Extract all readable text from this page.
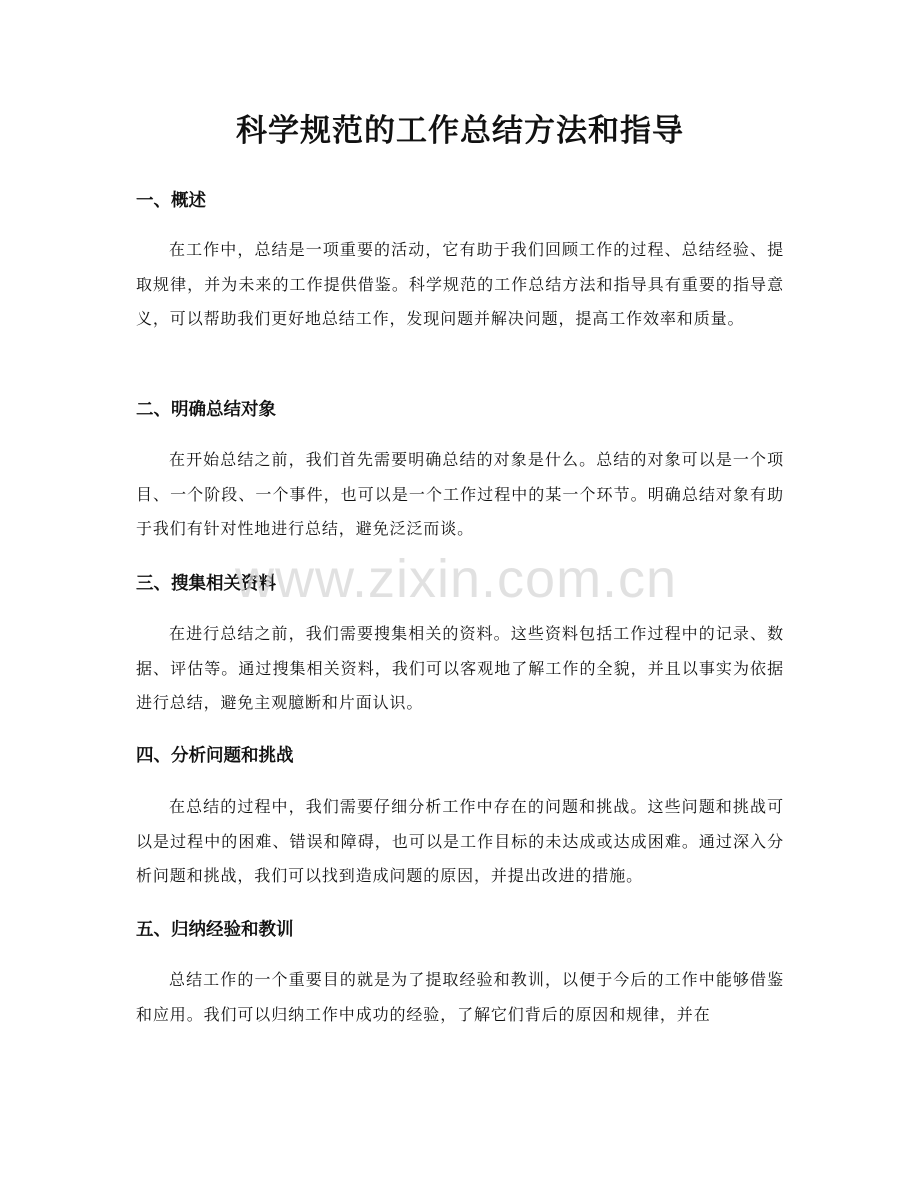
科学规范的工作总结方法和指导
一、概述

在工作中，总结是一项重要的活动，它有助于我们回顾工作的过程、总结经验、提取规律，并为未来的工作提供借鉴。科学规范的工作总结方法和指导具有重要的指导意义，可以帮助我们更好地总结工作，发现问题并解决问题，提高工作效率和质量。

二、明确总结对象

在开始总结之前，我们首先需要明确总结的对象是什么。总结的对象可以是一个项目、一个阶段、一个事件，也可以是一个工作过程中的某一个环节。明确总结对象有助于我们有针对性地进行总结，避免泛泛而谈。

三、搜集相关资料

在进行总结之前，我们需要搜集相关的资料。这些资料包括工作过程中的记录、数据、评估等。通过搜集相关资料，我们可以客观地了解工作的全貌，并且以事实为依据进行总结，避免主观臆断和片面认识。

四、分析问题和挑战

在总结的过程中，我们需要仔细分析工作中存在的问题和挑战。这些问题和挑战可以是过程中的困难、错误和障碍，也可以是工作目标的未达成或达成困难。通过深入分析问题和挑战，我们可以找到造成问题的原因，并提出改进的措施。

五、归纳经验和教训

总结工作的一个重要目的就是为了提取经验和教训，以便于今后的工作中能够借鉴和应用。我们可以归纳工作中成功的经验，了解它们背后的原因和规律，并在

www.zixin.com.cn
